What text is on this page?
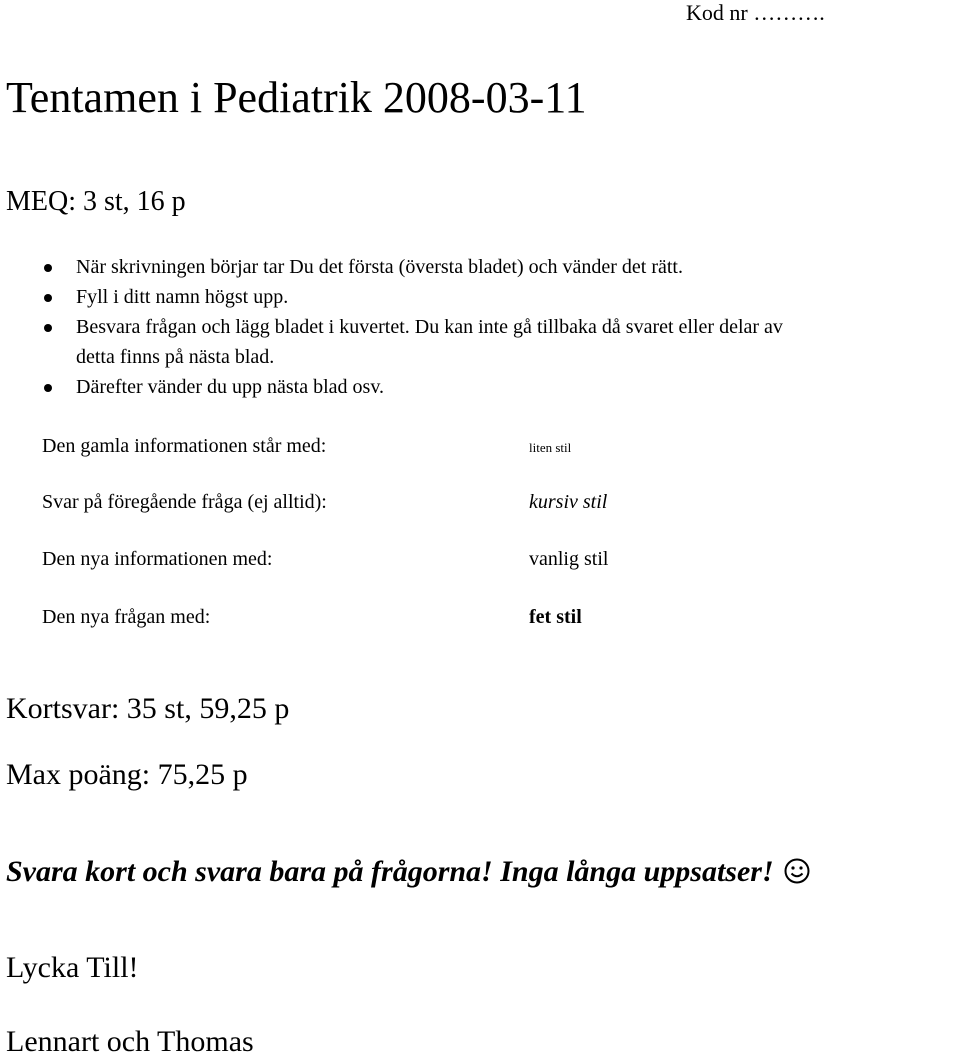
Kod nr ……….
Tentamen i Pediatrik 2008-03-11
MEQ: 3 st, 16 p
När skrivningen börjar tar Du det första (översta bladet) och vänder det rätt.
Fyll i ditt namn högst upp.
Besvara frågan och lägg bladet i kuvertet. Du kan inte gå tillbaka då svaret eller delar av
detta finns på nästa blad.
Därefter vänder du upp nästa blad osv.
Den gamla informationen står med:	liten stil
Svar på föregående fråga (ej alltid):	kursiv stil
Den nya informationen med:	vanlig stil
Den nya frågan med:	fet stil
Kortsvar: 35 st, 59,25 p
Max poäng: 75,25 p
Svara kort och svara bara på frågorna! Inga långa uppsatser!
Lycka Till!
Lennart och Thomas
